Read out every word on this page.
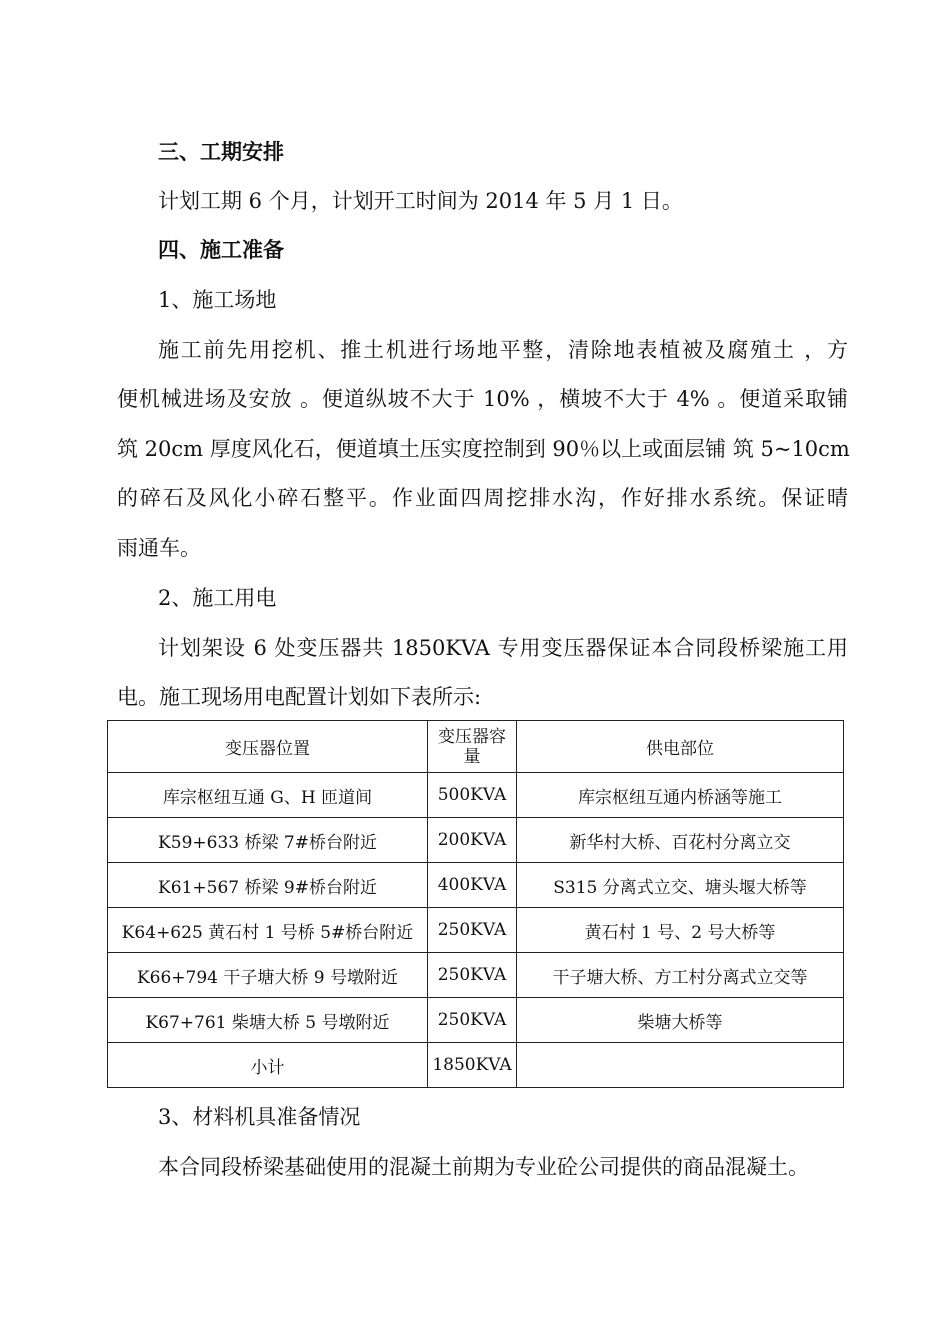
三、工期安排
计划工期 6 个月，计划开工时间为 2014 年 5 月 1 日。
四、施工准备
1、施工场地
施工前先用挖机、推土机进行场地平整，清除地表植被及腐殖土 ，方
便机械进场及安放 。便道纵坡不大于 10% ，横坡不大于 4% 。便道采取铺
筑 20cm 厚度风化石，便道填土压实度控制到 90％以上或面层铺 筑 5~10cm
的碎石及风化小碎石整平。作业面四周挖排水沟，作好排水系统。保证晴
雨通车。
2、施工用电
计划架设 6 处变压器共 1850KVA 专用变压器保证本合同段桥梁施工用
电。施工现场用电配置计划如下表所示:
变压器位置	变压器容量	供电部位
库宗枢纽互通 G、H 匝道间	500KVA	库宗枢纽互通内桥涵等施工
K59+633 桥梁 7#桥台附近	200KVA	新华村大桥、百花村分离立交
K61+567 桥梁 9#桥台附近	400KVA	S315 分离式立交、塘头堰大桥等
K64+625 黄石村 1 号桥 5#桥台附近	250KVA	黄石村 1 号、2 号大桥等
K66+794 干子塘大桥 9 号墩附近	250KVA	干子塘大桥、方工村分离式立交等
K67+761 柴塘大桥 5 号墩附近	250KVA	柴塘大桥等
小计	1850KVA	
3、材料机具准备情况
本合同段桥梁基础使用的混凝土前期为专业砼公司提供的商品混凝土。
